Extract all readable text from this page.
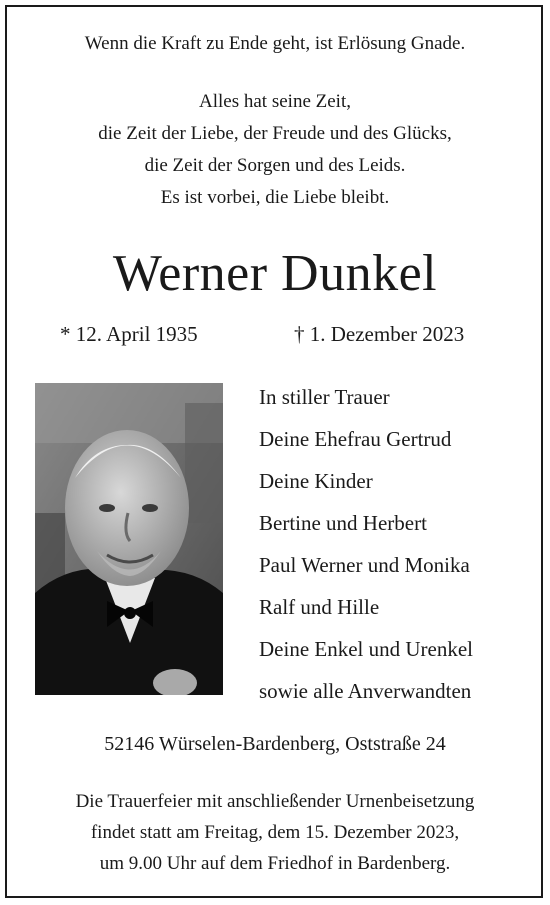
Wenn die Kraft zu Ende geht, ist Erlösung Gnade.
Alles hat seine Zeit,
die Zeit der Liebe, der Freude und des Glücks,
die Zeit der Sorgen und des Leids.
Es ist vorbei, die Liebe bleibt.
Werner Dunkel
* 12. April 1935	† 1. Dezember 2023
In stiller Trauer
Deine Ehefrau Gertrud
Deine Kinder
Bertine und Herbert
Paul Werner und Monika
Ralf und Hille
Deine Enkel und Urenkel
sowie alle Anverwandten
52146 Würselen-Bardenberg, Oststraße 24
Die Trauerfeier mit anschließender Urnenbeisetzung
findet statt am Freitag, dem 15. Dezember 2023,
um 9.00 Uhr auf dem Friedhof in Bardenberg.
